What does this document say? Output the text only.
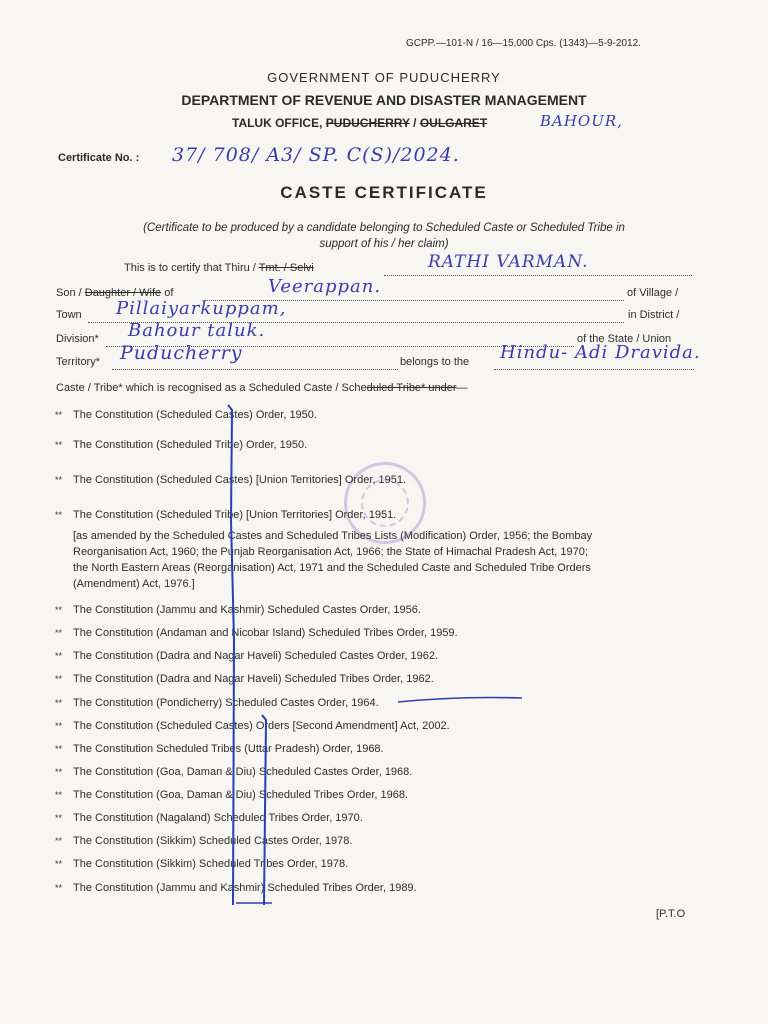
GCPP.—101-N / 16—15,000 Cps. (1343)—5-9-2012.
GOVERNMENT OF PUDUCHERRY
DEPARTMENT OF REVENUE AND DISASTER MANAGEMENT
TALUK OFFICE, PUDUCHERRY / OULGARET	BAHOUR,
Certificate No. : 37/ 708/ A3/ SP. C(S)/2024.
CASTE CERTIFICATE
(Certificate to be produced by a candidate belonging to Scheduled Caste or Scheduled Tribe in
support of his / her claim)
This is to certify that Thiru / Tmt. / Selvi	RATHI VARMAN.
Son / Daughter / Wife of	Veerappan.	of Village /
Town Pillaiyarkuppam,	in District /
Division* Bahour taluk.	of the State / Union
Territory* Puducherry	belongs to the Hindu- Adi Dravida.
Caste / Tribe* which is recognised as a Scheduled Caste / Scheduled Tribe* under—
** The Constitution (Scheduled Castes) Order, 1950.
** The Constitution (Scheduled Tribe) Order, 1950.
** The Constitution (Scheduled Castes) [Union Territories] Order, 1951.
** The Constitution (Scheduled Tribe) [Union Territories] Order, 1951.
[as amended by the Scheduled Castes and Scheduled Tribes Lists (Modification) Order, 1956; the Bombay
Reorganisation Act, 1960; the Punjab Reorganisation Act, 1966; the State of Himachal Pradesh Act, 1970;
the North Eastern Areas (Reorganisation) Act, 1971 and the Scheduled Caste and Scheduled Tribe Orders
(Amendment) Act, 1976.]
** The Constitution (Jammu and Kashmir) Scheduled Castes Order, 1956.
** The Constitution (Andaman and Nicobar Island) Scheduled Tribes Order, 1959.
** The Constitution (Dadra and Nagar Haveli) Scheduled Castes Order, 1962.
** The Constitution (Dadra and Nagar Haveli) Scheduled Tribes Order, 1962.
** The Constitution (Pondicherry) Scheduled Castes Order, 1964.
** The Constitution (Scheduled Castes) Orders [Second Amendment] Act, 2002.
** The Constitution Scheduled Tribes (Uttar Pradesh) Order, 1968.
** The Constitution (Goa, Daman & Diu) Scheduled Castes Order, 1968.
** The Constitution (Goa, Daman & Diu) Scheduled Tribes Order, 1968.
** The Constitution (Nagaland) Scheduled Tribes Order, 1970.
** The Constitution (Sikkim) Scheduled Castes Order, 1978.
** The Constitution (Sikkim) Scheduled Tribes Order, 1978.
** The Constitution (Jammu and Kashmir) Scheduled Tribes Order, 1989.
[P.T.O
